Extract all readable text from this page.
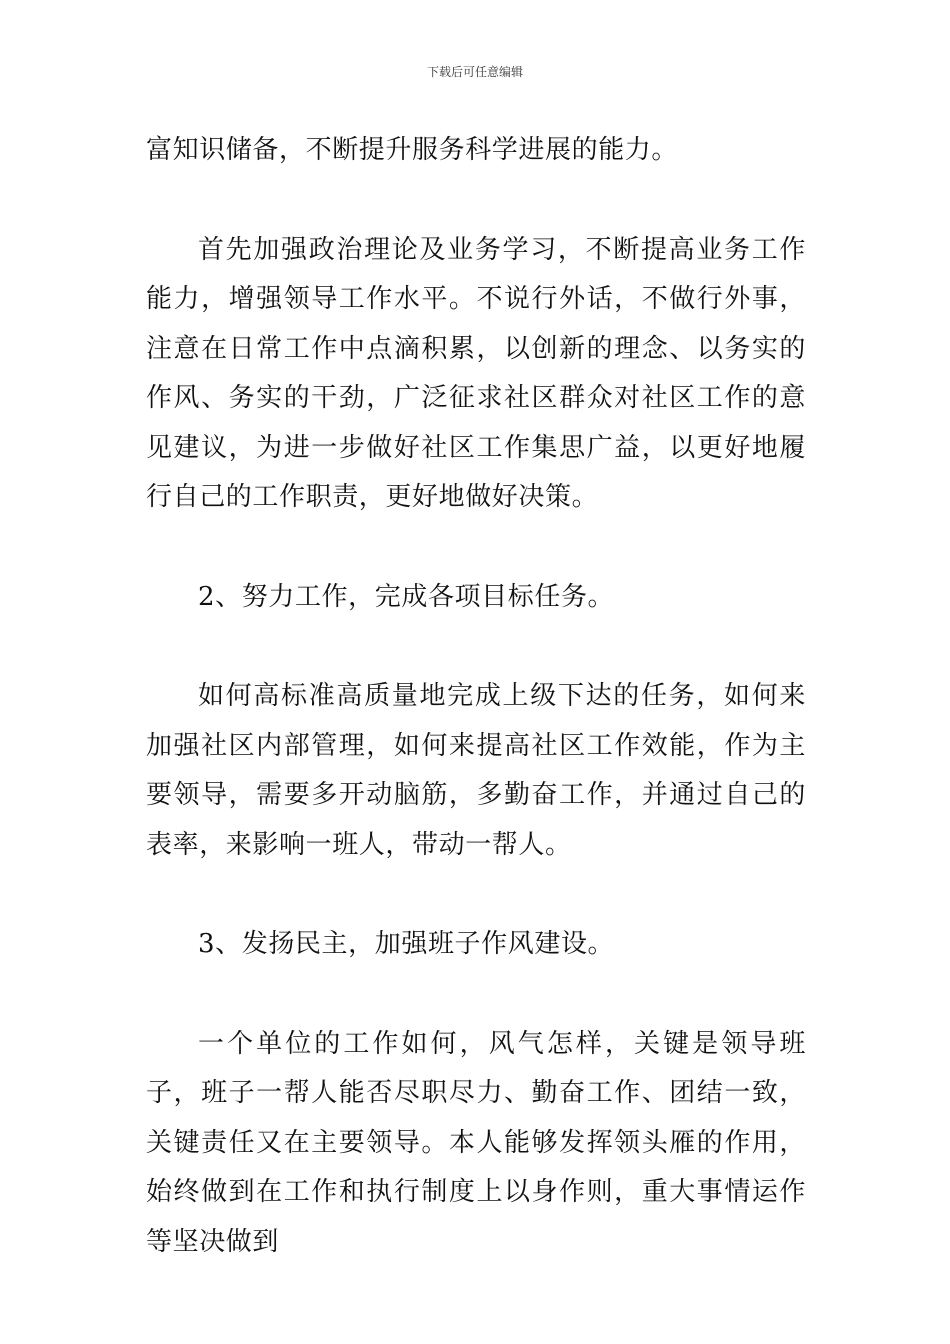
下载后可任意编辑

富知识储备，不断提升服务科学进展的能力。

首先加强政治理论及业务学习，不断提高业务工作能力，增强领导工作水平。不说行外话，不做行外事，注意在日常工作中点滴积累，以创新的理念、以务实的作风、务实的干劲，广泛征求社区群众对社区工作的意见建议，为进一步做好社区工作集思广益，以更好地履行自己的工作职责，更好地做好决策。

2、努力工作，完成各项目标任务。

如何高标准高质量地完成上级下达的任务，如何来加强社区内部管理，如何来提高社区工作效能，作为主要领导，需要多开动脑筋，多勤奋工作，并通过自己的表率，来影响一班人，带动一帮人。

3、发扬民主，加强班子作风建设。

一个单位的工作如何，风气怎样，关键是领导班子，班子一帮人能否尽职尽力、勤奋工作、团结一致，关键责任又在主要领导。本人能够发挥领头雁的作用，始终做到在工作和执行制度上以身作则，重大事情运作等坚决做到
